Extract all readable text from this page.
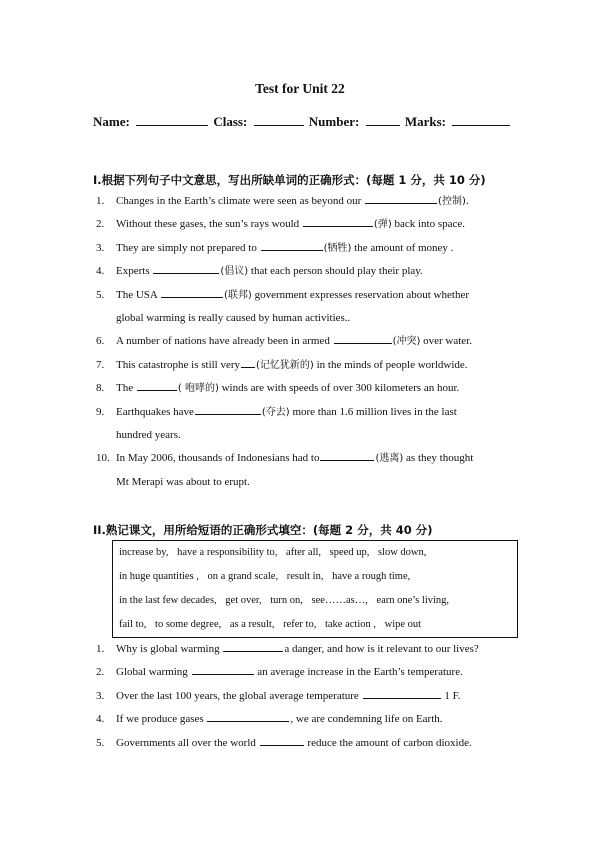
Test for Unit 22
Name:	Class:	Number:	Marks:
I.根据下列句子中文意思，写出所缺单词的正确形式：(每题 1 分，共 10 分)
1. Changes in the Earth’s climate were seen as beyond our	(控制).
2. Without these gases, the sun’s rays would	(弹) back into space.
3. They are simply not prepared to	(牺牲) the amount of money .
4. Experts	(倡议) that each person should play their play.
5. The USA	(联邦) government expresses reservation about whether
global warming is really caused by human activities..
6. A number of nations have already been in armed	(冲突) over water.
7. This catastrophe is still very (记忆犹新的) in the minds of people worldwide.
8. The	( 咆哮的) winds are with speeds of over 300 kilometers an hour.
9. Earthquakes have	(夺去) more than 1.6 million lives in the last
hundred years.
10. In May 2006, thousands of Indonesians had to	(逃离) as they thought
Mt Merapi was about to erupt.
II.熟记课文，用所给短语的正确形式填空：(每题 2 分，共 40 分)
increase by, have a responsibility to, after all, speed up, slow down,
in huge quantities , on a grand scale, result in, have a rough time,
in the last few decades, get over, turn on, see……as…, earn one’s living,
fail to, to some degree, as a result, refer to, take action , wipe out
1. Why is global warming	a danger, and how is it relevant to our lives?
2. Global warming	an average increase in the Earth’s temperature.
3. Over the last 100 years, the global average temperature	1 F.
4. If we produce gases	, we are condemning life on Earth.
5. Governments all over the world	reduce the amount of carbon dioxide.
